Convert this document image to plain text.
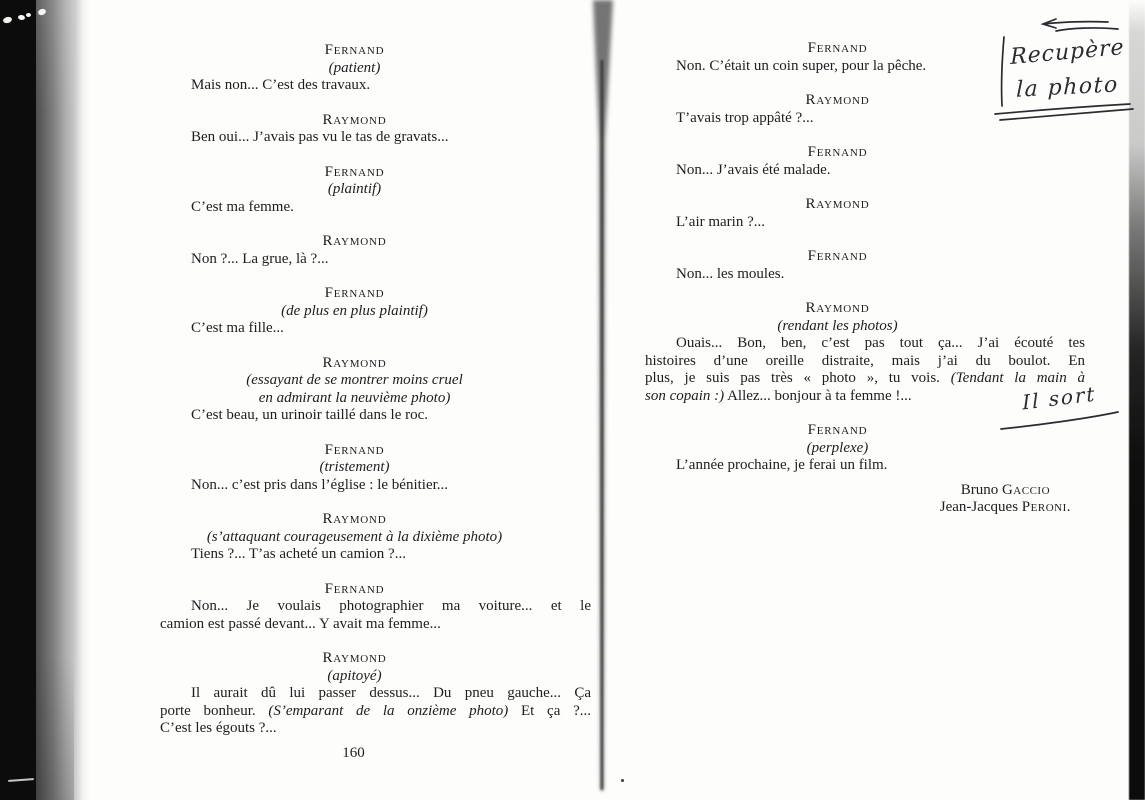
Fernand
(patient)
Mais non... C’est des travaux.
Raymond
Ben oui... J’avais pas vu le tas de gravats...
Fernand
(plaintif)
C’est ma femme.
Raymond
Non ?... La grue, là ?...
Fernand
(de plus en plus plaintif)
C’est ma fille...
Raymond
(essayant de se montrer moins cruel
en admirant la neuvième photo)
C’est beau, un urinoir taillé dans le roc.
Fernand
(tristement)
Non... c’est pris dans l’église : le bénitier...
Raymond
(s’attaquant courageusement à la dixième photo)
Tiens ?... T’as acheté un camion ?...
Fernand
Non... Je voulais photographier ma voiture... et le
camion est passé devant... Y avait ma femme...
Raymond
(apitoyé)
Il aurait dû lui passer dessus... Du pneu gauche... Ça
porte bonheur. (S’emparant de la onzième photo) Et ça ?...
C’est les égouts ?...
160
Fernand
Non. C’était un coin super, pour la pêche.
Raymond
T’avais trop appâté ?...
Fernand
Non... J’avais été malade.
Raymond
L’air marin ?...
Fernand
Non... les moules.
Raymond
(rendant les photos)
Ouais... Bon, ben, c’est pas tout ça... J’ai écouté tes
histoires d’une oreille distraite, mais j’ai du boulot. En
plus, je suis pas très « photo », tu vois. (Tendant la main à
son copain :) Allez... bonjour à ta femme !...
Fernand
(perplexe)
L’année prochaine, je ferai un film.
Bruno Gaccio
Jean-Jacques Peroni.
Recupère
la photo
Il sort
